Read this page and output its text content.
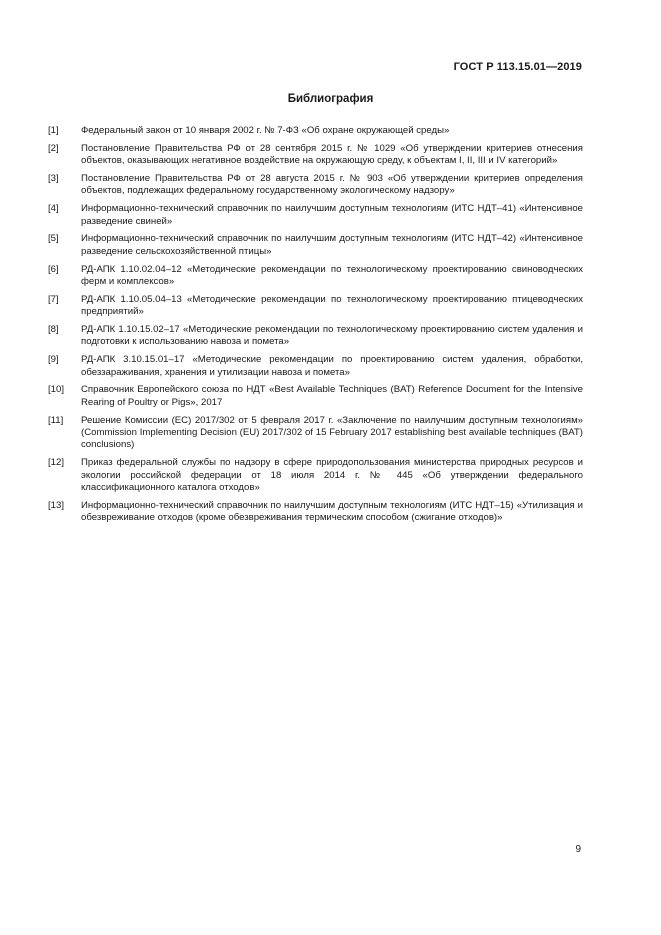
ГОСТ Р 113.15.01—2019
Библиография
[1]	Федеральный закон от 10 января 2002 г. № 7-ФЗ «Об охране окружающей среды»
[2]	Постановление Правительства РФ от 28 сентября 2015 г. № 1029 «Об утверждении критериев отнесения объектов, оказывающих негативное воздействие на окружающую среду, к объектам I, II, III и IV категорий»
[3]	Постановление Правительства РФ от 28 августа 2015 г. № 903 «Об утверждении критериев определения объектов, подлежащих федеральному государственному экологическому надзору»
[4]	Информационно-технический справочник по наилучшим доступным технологиям (ИТС НДТ–41) «Интенсивное разведение свиней»
[5]	Информационно-технический справочник по наилучшим доступным технологиям (ИТС НДТ–42) «Интенсивное разведение сельскохозяйственной птицы»
[6]	РД-АПК 1.10.02.04–12 «Методические рекомендации по технологическому проектированию свиноводческих ферм и комплексов»
[7]	РД-АПК 1.10.05.04–13 «Методические рекомендации по технологическому проектированию птицеводческих предприятий»
[8]	РД-АПК 1.10.15.02–17 «Методические рекомендации по технологическому проектированию систем удаления и подготовки к использованию навоза и помета»
[9]	РД-АПК 3.10.15.01–17 «Методические рекомендации по проектированию систем удаления, обработки, обеззараживания, хранения и утилизации навоза и помета»
[10]	Справочник Европейского союза по НДТ «Best Available Techniques (BAT) Reference Document for the Intensive Rearing of Poultry or Pigs», 2017
[11]	Решение Комиссии (ЕС) 2017/302 от 5 февраля 2017 г. «Заключение по наилучшим доступным технологиям» (Commission Implementing Decision (EU) 2017/302 of 15 February 2017 establishing best available techniques (BAT) conclusions)
[12]	Приказ федеральной службы по надзору в сфере природопользования министерства природных ресурсов и экологии российской федерации от 18 июля 2014 г. № 445 «Об утверждении федерального классификационного каталога отходов»
[13]	Информационно-технический справочник по наилучшим доступным технологиям (ИТС НДТ–15) «Утилизация и обезвреживание отходов (кроме обезвреживания термическим способом (сжигание отходов)»
9
